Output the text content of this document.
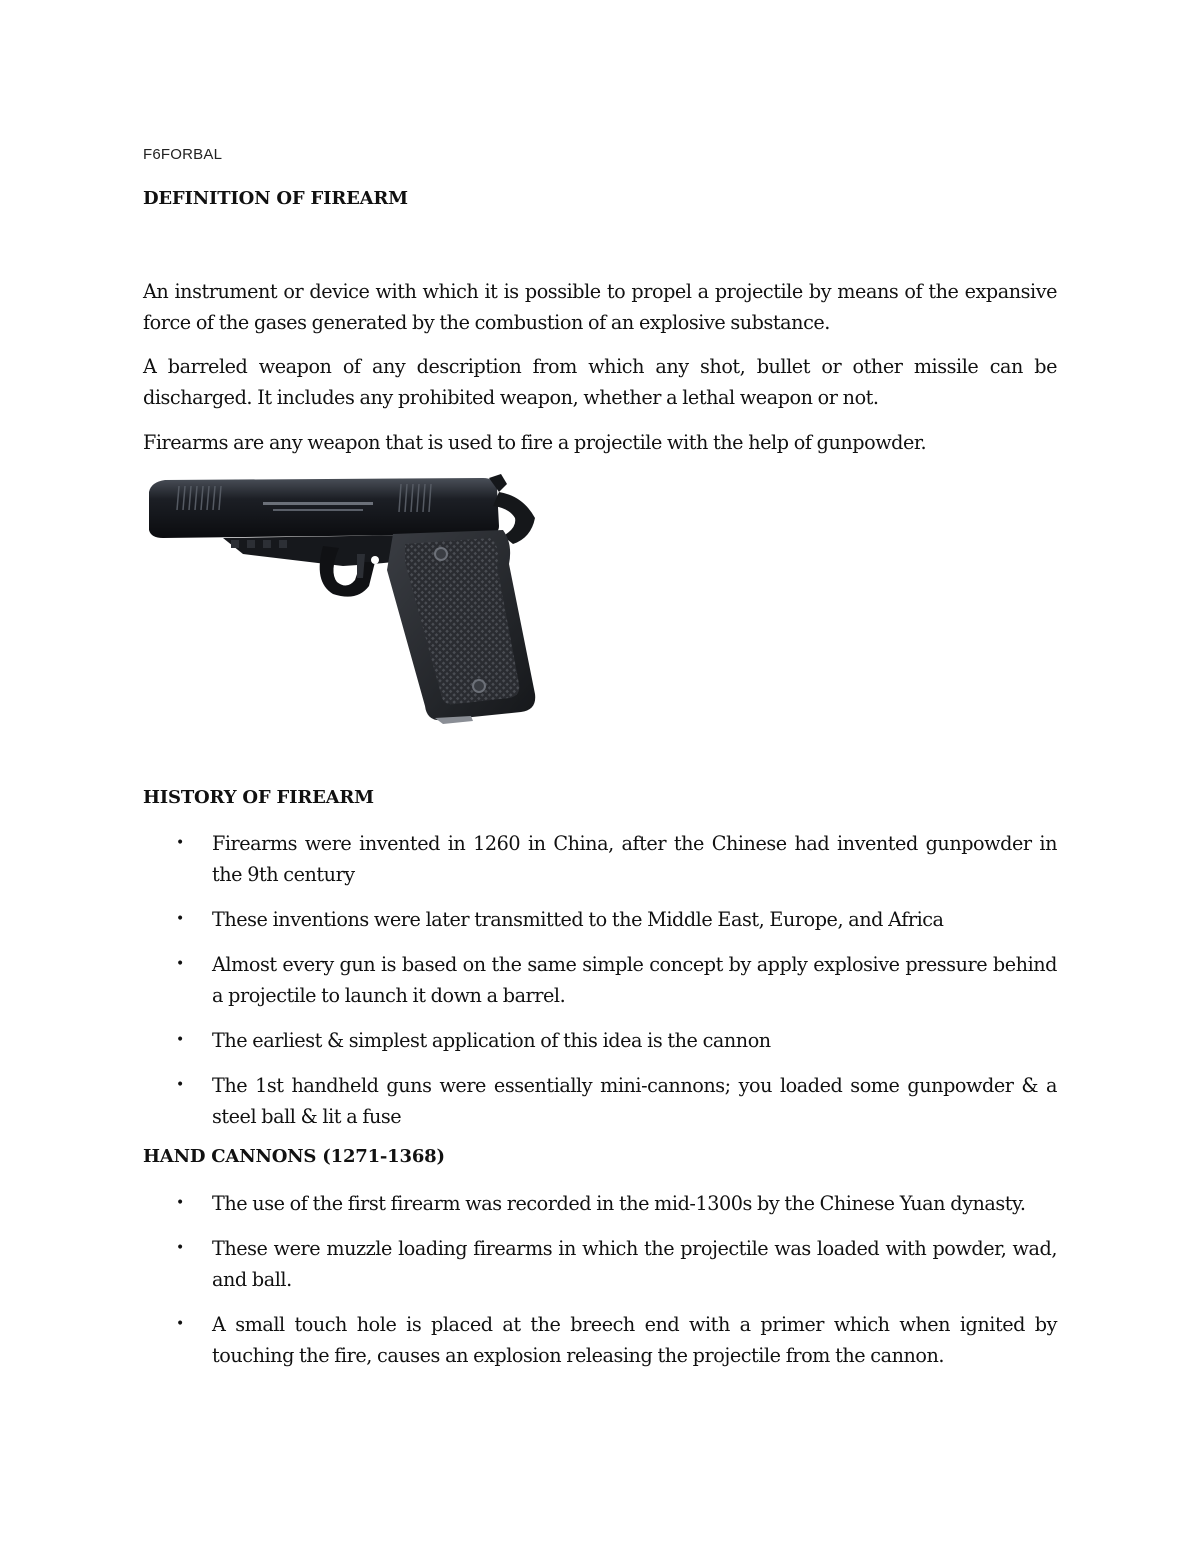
F6FORBAL
DEFINITION OF FIREARM

An instrument or device with which it is possible to propel a projectile by means of the expansive force of the gases generated by the combustion of an explosive substance.

A barreled weapon of any description from which any shot, bullet or other missile can be discharged. It includes any prohibited weapon, whether a lethal weapon or not.

Firearms are any weapon that is used to fire a projectile with the help of gunpowder.

HISTORY OF FIREARM
• Firearms were invented in 1260 in China, after the Chinese had invented gunpowder in the 9th century
• These inventions were later transmitted to the Middle East, Europe, and Africa
• Almost every gun is based on the same simple concept by apply explosive pressure behind a projectile to launch it down a barrel.
• The earliest & simplest application of this idea is the cannon
• The 1st handheld guns were essentially mini-cannons; you loaded some gunpowder & a steel ball & lit a fuse
HAND CANNONS (1271-1368)
• The use of the first firearm was recorded in the mid-1300s by the Chinese Yuan dynasty.
• These were muzzle loading firearms in which the projectile was loaded with powder, wad, and ball.
• A small touch hole is placed at the breech end with a primer which when ignited by touching the fire, causes an explosion releasing the projectile from the cannon.
